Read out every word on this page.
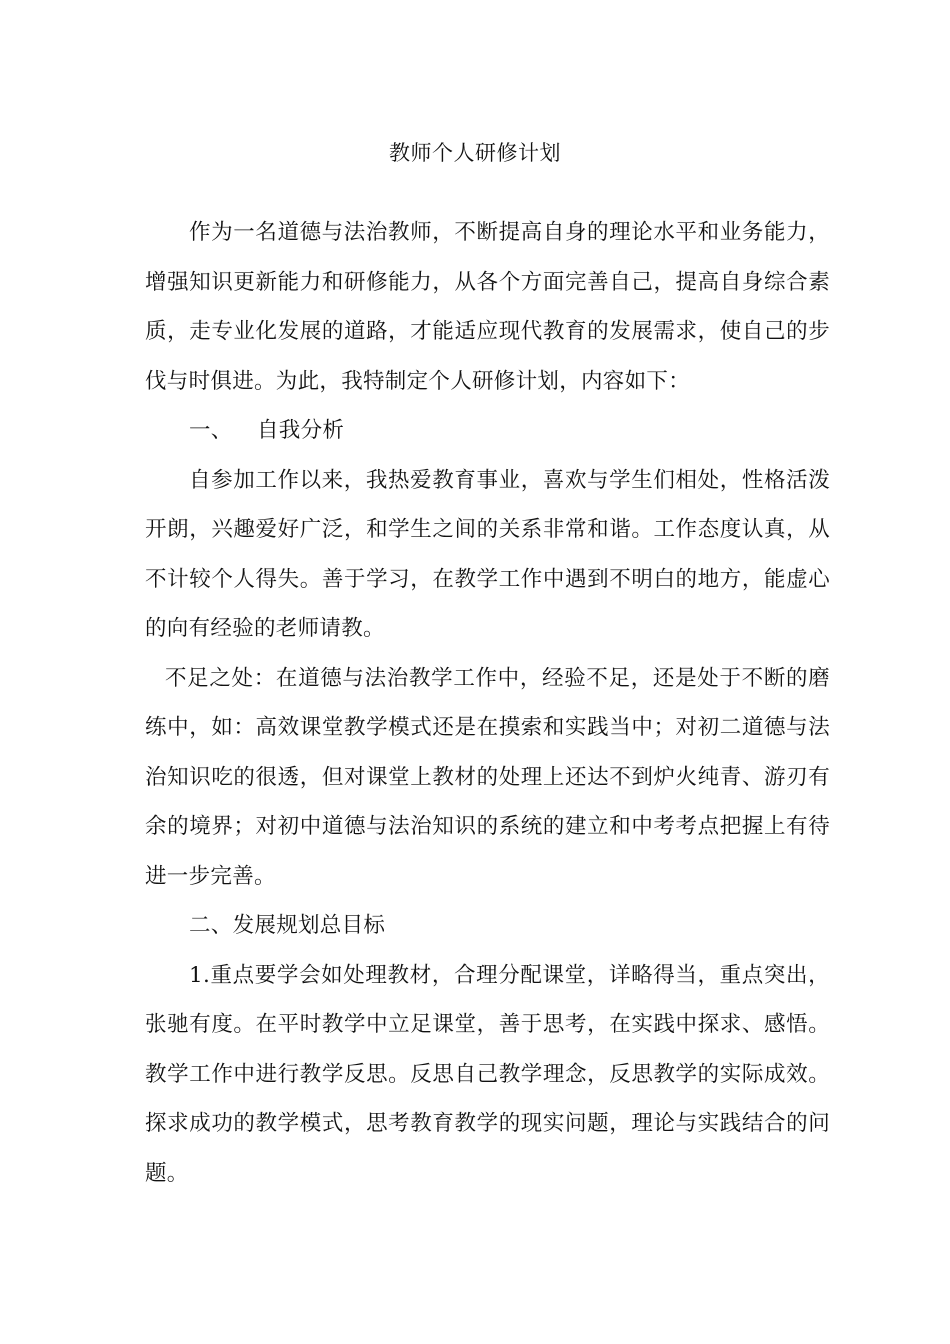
教师个人研修计划

作为一名道德与法治教师，不断提高自身的理论水平和业务能力，增强知识更新能力和研修能力，从各个方面完善自己，提高自身综合素质，走专业化发展的道路，才能适应现代教育的发展需求，使自己的步伐与时俱进。为此，我特制定个人研修计划，内容如下：

一、 自我分析

自参加工作以来，我热爱教育事业，喜欢与学生们相处，性格活泼开朗，兴趣爱好广泛，和学生之间的关系非常和谐。工作态度认真，从不计较个人得失。善于学习，在教学工作中遇到不明白的地方，能虚心的向有经验的老师请教。

不足之处：在道德与法治教学工作中，经验不足，还是处于不断的磨练中，如：高效课堂教学模式还是在摸索和实践当中；对初二道德与法治知识吃的很透，但对课堂上教材的处理上还达不到炉火纯青、游刃有余的境界；对初中道德与法治知识的系统的建立和中考考点把握上有待进一步完善。

二、发展规划总目标

1.重点要学会如处理教材，合理分配课堂，详略得当，重点突出，张驰有度。在平时教学中立足课堂，善于思考，在实践中探求、感悟。教学工作中进行教学反思。反思自己教学理念，反思教学的实际成效。探求成功的教学模式，思考教育教学的现实问题，理论与实践结合的问题。
